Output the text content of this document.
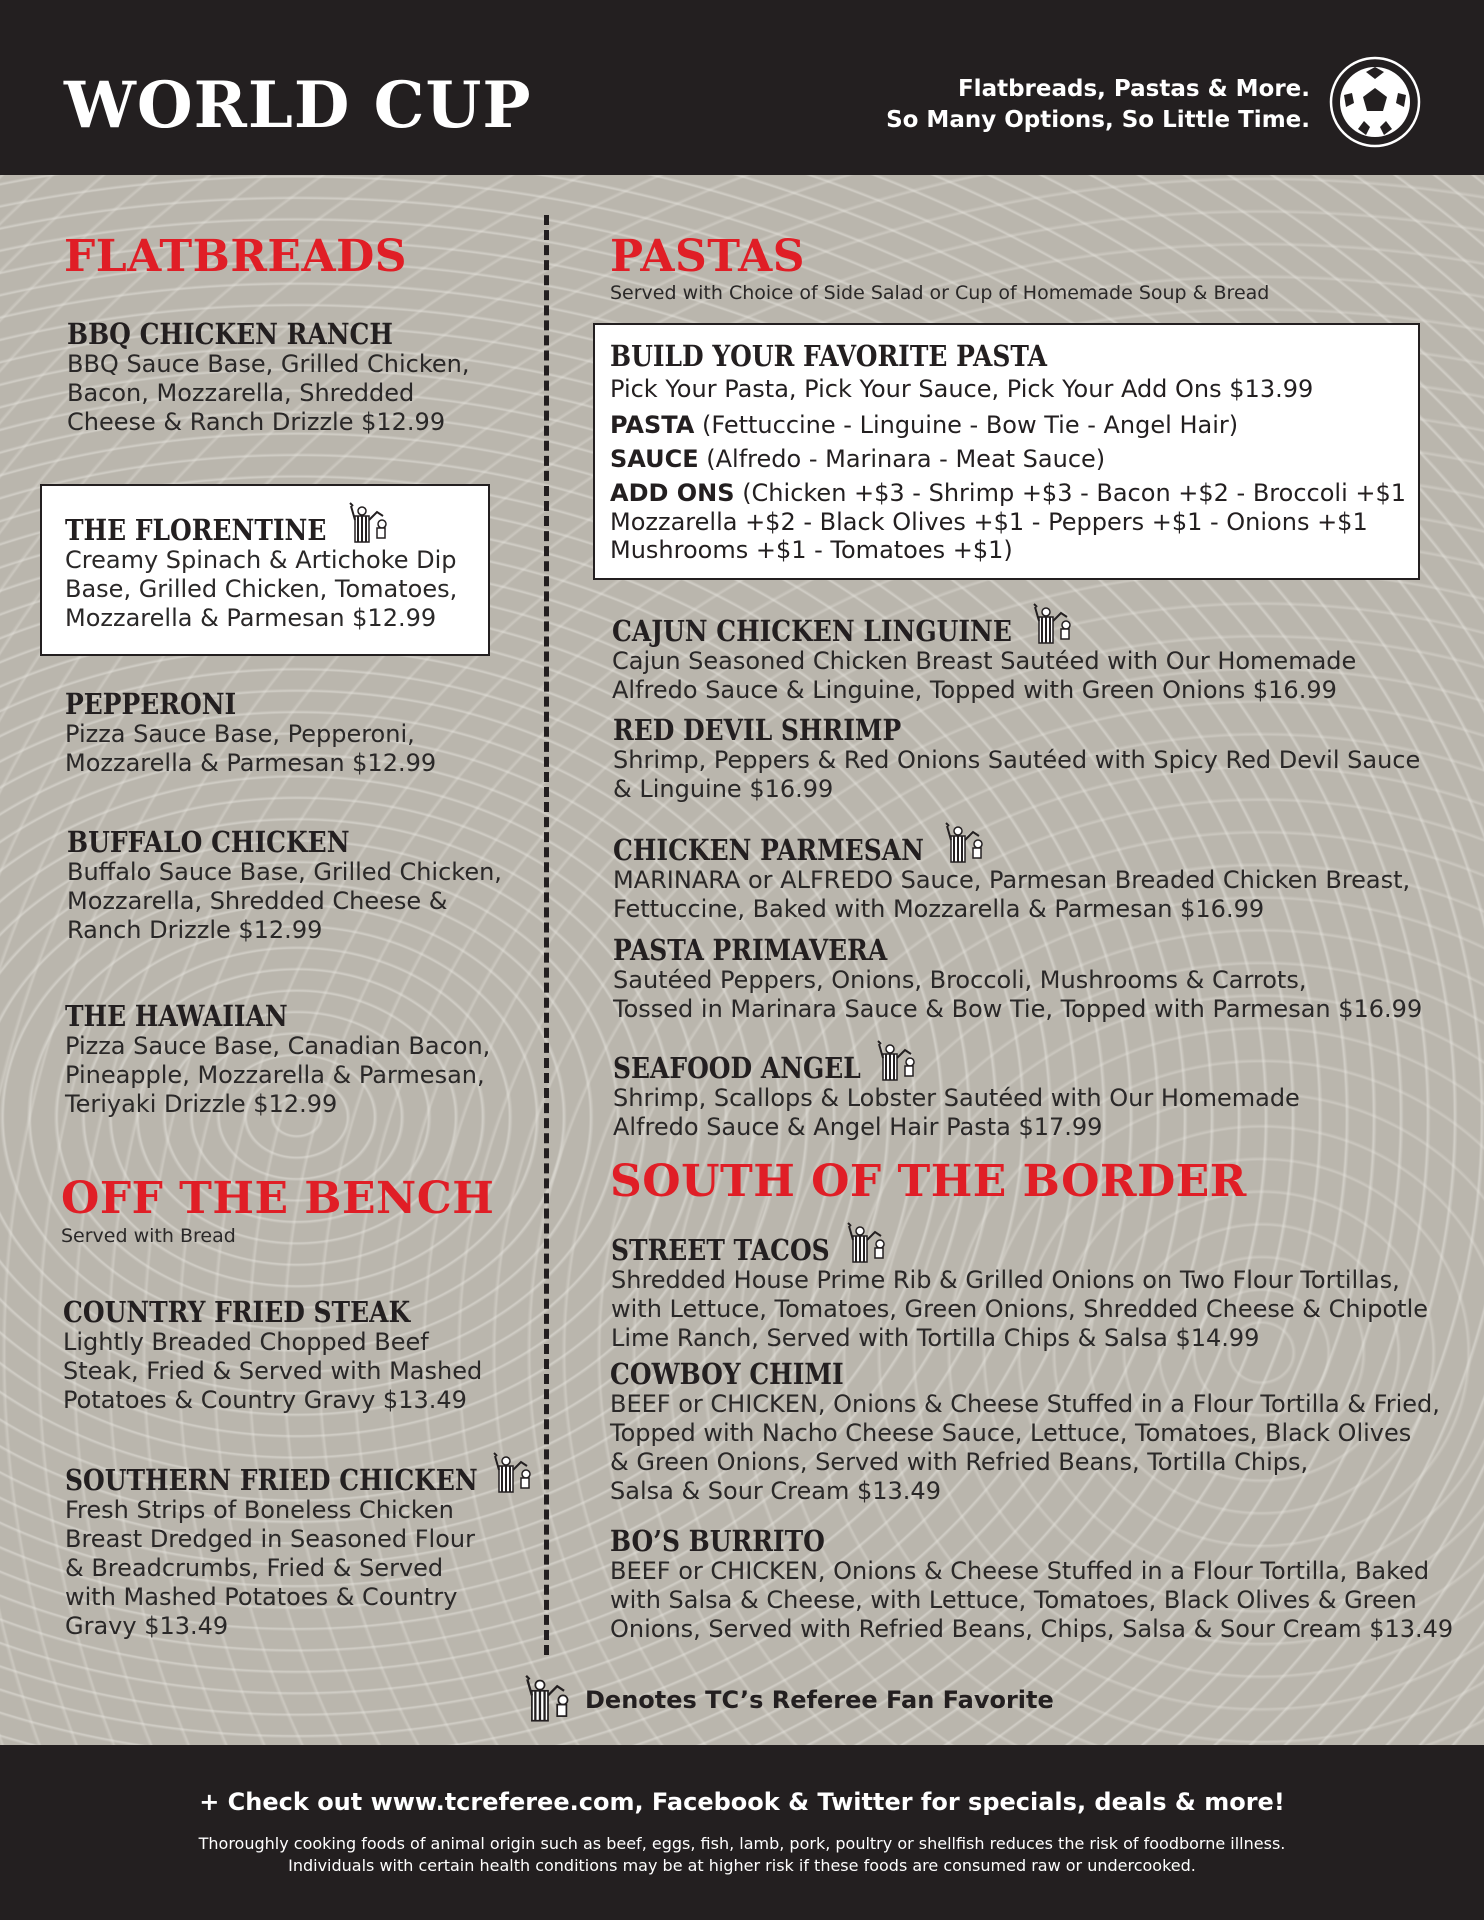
WORLD CUP	Flatbreads, Pastas & More.
So Many Options, So Little Time.
FLATBREADS
BBQ CHICKEN RANCH
BBQ Sauce Base, Grilled Chicken,
Bacon, Mozzarella, Shredded
Cheese & Ranch Drizzle $12.99
THE FLORENTINE
Creamy Spinach & Artichoke Dip
Base, Grilled Chicken, Tomatoes,
Mozzarella & Parmesan $12.99
PEPPERONI
Pizza Sauce Base, Pepperoni,
Mozzarella & Parmesan $12.99
BUFFALO CHICKEN
Buffalo Sauce Base, Grilled Chicken,
Mozzarella, Shredded Cheese &
Ranch Drizzle $12.99
THE HAWAIIAN
Pizza Sauce Base, Canadian Bacon,
Pineapple, Mozzarella & Parmesan,
Teriyaki Drizzle $12.99
OFF THE BENCH
Served with Bread
COUNTRY FRIED STEAK
Lightly Breaded Chopped Beef
Steak, Fried & Served with Mashed
Potatoes & Country Gravy $13.49
SOUTHERN FRIED CHICKEN
Fresh Strips of Boneless Chicken
Breast Dredged in Seasoned Flour
& Breadcrumbs, Fried & Served
with Mashed Potatoes & Country
Gravy $13.49
PASTAS
Served with Choice of Side Salad or Cup of Homemade Soup & Bread
BUILD YOUR FAVORITE PASTA
Pick Your Pasta, Pick Your Sauce, Pick Your Add Ons $13.99
PASTA (Fettuccine - Linguine - Bow Tie - Angel Hair)
SAUCE (Alfredo - Marinara - Meat Sauce)
ADD ONS (Chicken +$3 - Shrimp +$3 - Bacon +$2 - Broccoli +$1
Mozzarella +$2 - Black Olives +$1 - Peppers +$1 - Onions +$1
Mushrooms +$1 - Tomatoes +$1)
CAJUN CHICKEN LINGUINE
Cajun Seasoned Chicken Breast Sautéed with Our Homemade
Alfredo Sauce & Linguine, Topped with Green Onions $16.99
RED DEVIL SHRIMP
Shrimp, Peppers & Red Onions Sautéed with Spicy Red Devil Sauce
& Linguine $16.99
CHICKEN PARMESAN
MARINARA or ALFREDO Sauce, Parmesan Breaded Chicken Breast,
Fettuccine, Baked with Mozzarella & Parmesan $16.99
PASTA PRIMAVERA
Sautéed Peppers, Onions, Broccoli, Mushrooms & Carrots,
Tossed in Marinara Sauce & Bow Tie, Topped with Parmesan $16.99
SEAFOOD ANGEL
Shrimp, Scallops & Lobster Sautéed with Our Homemade
Alfredo Sauce & Angel Hair Pasta $17.99
SOUTH OF THE BORDER
STREET TACOS
Shredded House Prime Rib & Grilled Onions on Two Flour Tortillas,
with Lettuce, Tomatoes, Green Onions, Shredded Cheese & Chipotle
Lime Ranch, Served with Tortilla Chips & Salsa $14.99
COWBOY CHIMI
BEEF or CHICKEN, Onions & Cheese Stuffed in a Flour Tortilla & Fried,
Topped with Nacho Cheese Sauce, Lettuce, Tomatoes, Black Olives
& Green Onions, Served with Refried Beans, Tortilla Chips,
Salsa & Sour Cream $13.49
BO’S BURRITO
BEEF or CHICKEN, Onions & Cheese Stuffed in a Flour Tortilla, Baked
with Salsa & Cheese, with Lettuce, Tomatoes, Black Olives & Green
Onions, Served with Refried Beans, Chips, Salsa & Sour Cream $13.49
Denotes TC’s Referee Fan Favorite
+ Check out www.tcreferee.com, Facebook & Twitter for specials, deals & more!
Thoroughly cooking foods of animal origin such as beef, eggs, fish, lamb, pork, poultry or shellfish reduces the risk of foodborne illness.
Individuals with certain health conditions may be at higher risk if these foods are consumed raw or undercooked.
